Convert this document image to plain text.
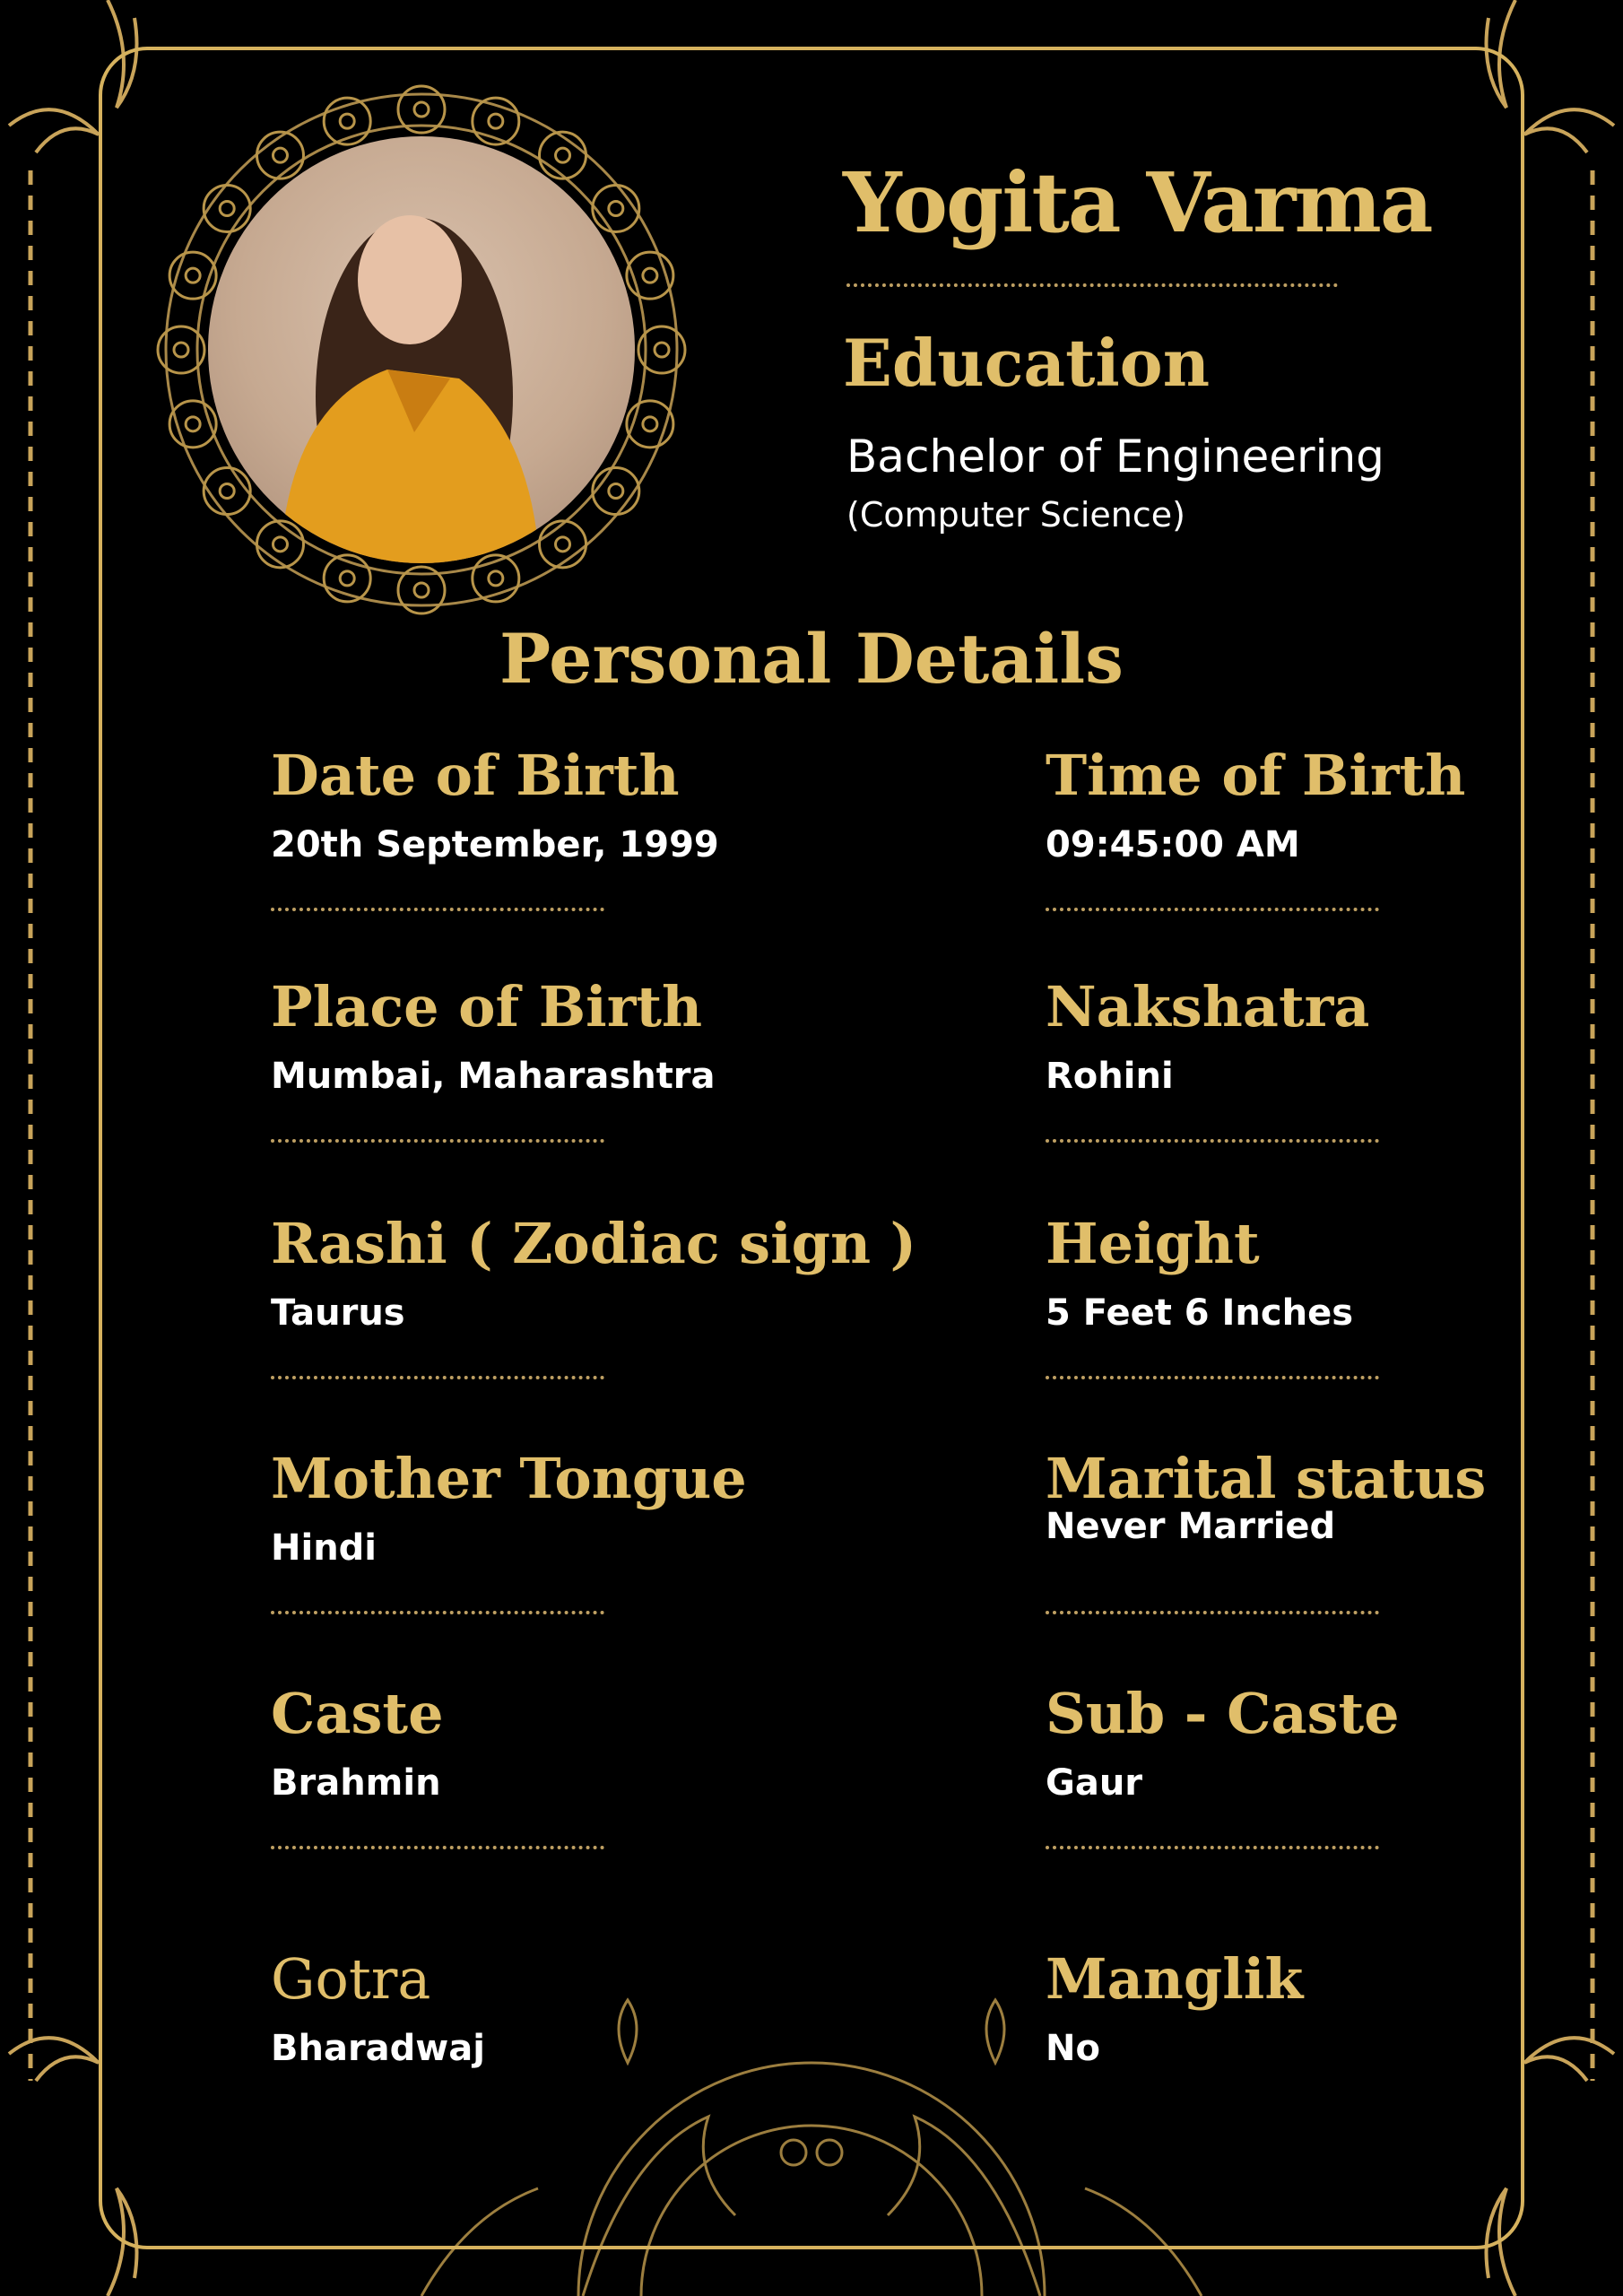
Yogita Varma
Education
Bachelor of Engineering
(Computer Science)
Personal Details
Date of Birth
20th September, 1999
Place of Birth
Mumbai, Maharashtra
Rashi ( Zodiac sign )
Taurus
Mother Tongue
Hindi
Caste
Brahmin
Gotra
Bharadwaj
Time of Birth
09:45:00 AM
Nakshatra
Rohini
Height
5 Feet 6 Inches
Marital status
Never Married
Sub - Caste
Gaur
Manglik
No
